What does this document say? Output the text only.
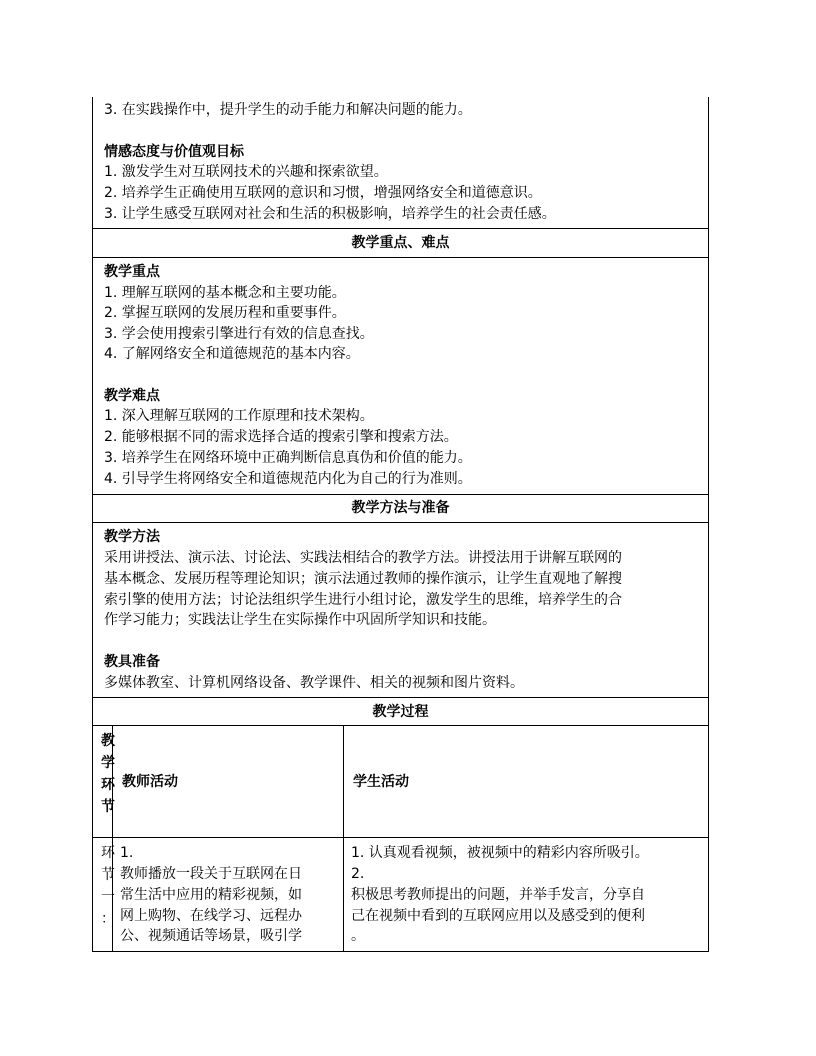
3. 在实践操作中，提升学生的动手能力和解决问题的能力。
情感态度与价值观目标
1. 激发学生对互联网技术的兴趣和探索欲望。
2. 培养学生正确使用互联网的意识和习惯，增强网络安全和道德意识。
3. 让学生感受互联网对社会和生活的积极影响，培养学生的社会责任感。
教学重点、难点
教学重点
1. 理解互联网的基本概念和主要功能。
2. 掌握互联网的发展历程和重要事件。
3. 学会使用搜索引擎进行有效的信息查找。
4. 了解网络安全和道德规范的基本内容。
教学难点
1. 深入理解互联网的工作原理和技术架构。
2. 能够根据不同的需求选择合适的搜索引擎和搜索方法。
3. 培养学生在网络环境中正确判断信息真伪和价值的能力。
4. 引导学生将网络安全和道德规范内化为自己的行为准则。
教学方法与准备
教学方法
采用讲授法、演示法、讨论法、实践法相结合的教学方法。讲授法用于讲解互联网的
基本概念、发展历程等理论知识；演示法通过教师的操作演示，让学生直观地了解搜
索引擎的使用方法；讨论法组织学生进行小组讨论，激发学生的思维，培养学生的合
作学习能力；实践法让学生在实际操作中巩固所学知识和技能。
教具准备
多媒体教室、计算机网络设备、教学课件、相关的视频和图片资料。
教学过程
教
学
环
节
教师活动	学生活动
环
节
一
：
1.
教师播放一段关于互联网在日
常生活中应用的精彩视频，如
网上购物、在线学习、远程办
公、视频通话等场景，吸引学
1. 认真观看视频，被视频中的精彩内容所吸引。
2.
积极思考教师提出的问题，并举手发言，分享自
己在视频中看到的互联网应用以及感受到的便利
。
